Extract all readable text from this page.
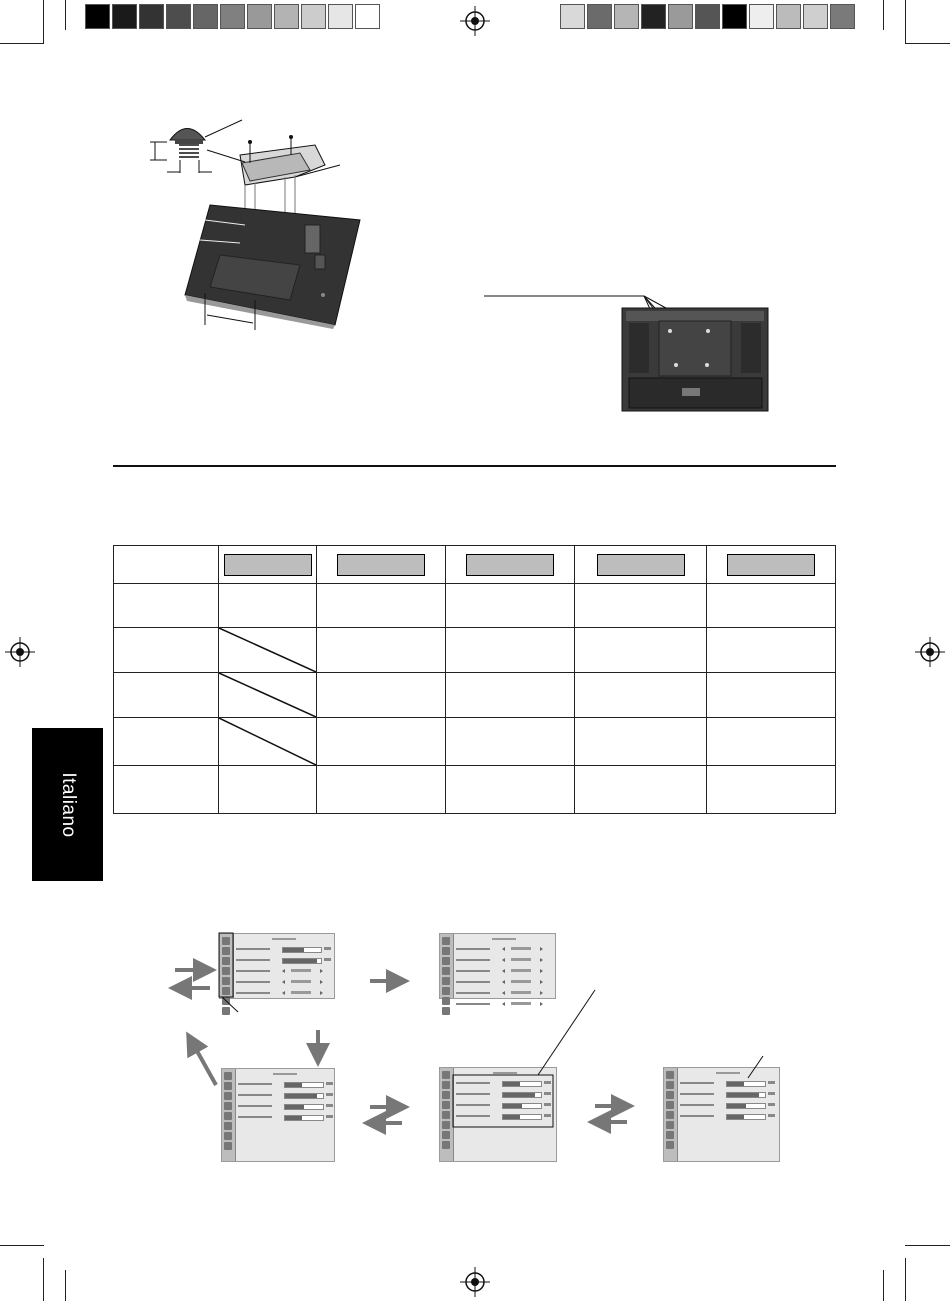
Italiano
